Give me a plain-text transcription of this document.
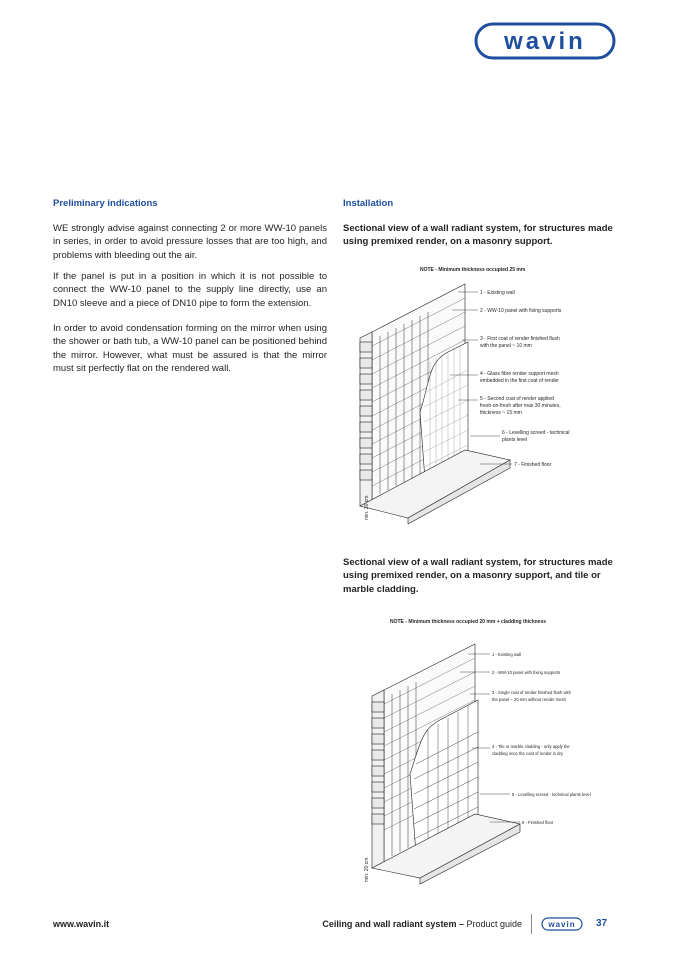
wavin
Preliminary indications

WE strongly advise against connecting 2 or more WW-10 panels in series, in order to avoid pressure losses that are too high, and problems with bleeding out the air.

If the panel is put in a position in which it is not possible to connect the WW-10 panel to the supply line directly, use an DN10 sleeve and a piece of DN10 pipe to form the extension.

In order to avoid condensation forming on the mirror when using the shower or bath tub, a WW-10 panel can be positioned behind the mirror. However, what must be assured is that the mirror must sit perfectly flat on the rendered wall.

Installation

Sectional view of a wall radiant system, for structures made using premixed render, on a masonry support.

NOTE - Minimum thickness occupied 25 mm
1 - Existing wall
2 - WW-10 panel with fixing supports
3 - First coat of render finished flush
with the panel ~ 10 mm
4 - Glass fibre render support mesh
embedded in the first coat of render
5 - Second coat of render applied
fresh-on-fresh after max 30 minutes,
thickness ~ 15 mm
6 - Levelling screed - technical
plants level
7 - Finished floor
min. 20 cm

Sectional view of a wall radiant system, for structures made using premixed render, on a masonry support, and tile or marble cladding.

NOTE - Minimum thickness occupied 20 mm + cladding thickness
1 - Existing wall
2 - WW-10 panel with fixing supports
3 - Single coat of render finished flush with
the panel ~ 20 mm without render mesh
4 - Tile or marble cladding - only apply the
cladding once the coat of render is dry
5 - Levelling screed - technical plants level
6 - Finished floor
min. 20 cm
www.wavin.it	Ceiling and wall radiant system – Product guide	wavin 37
